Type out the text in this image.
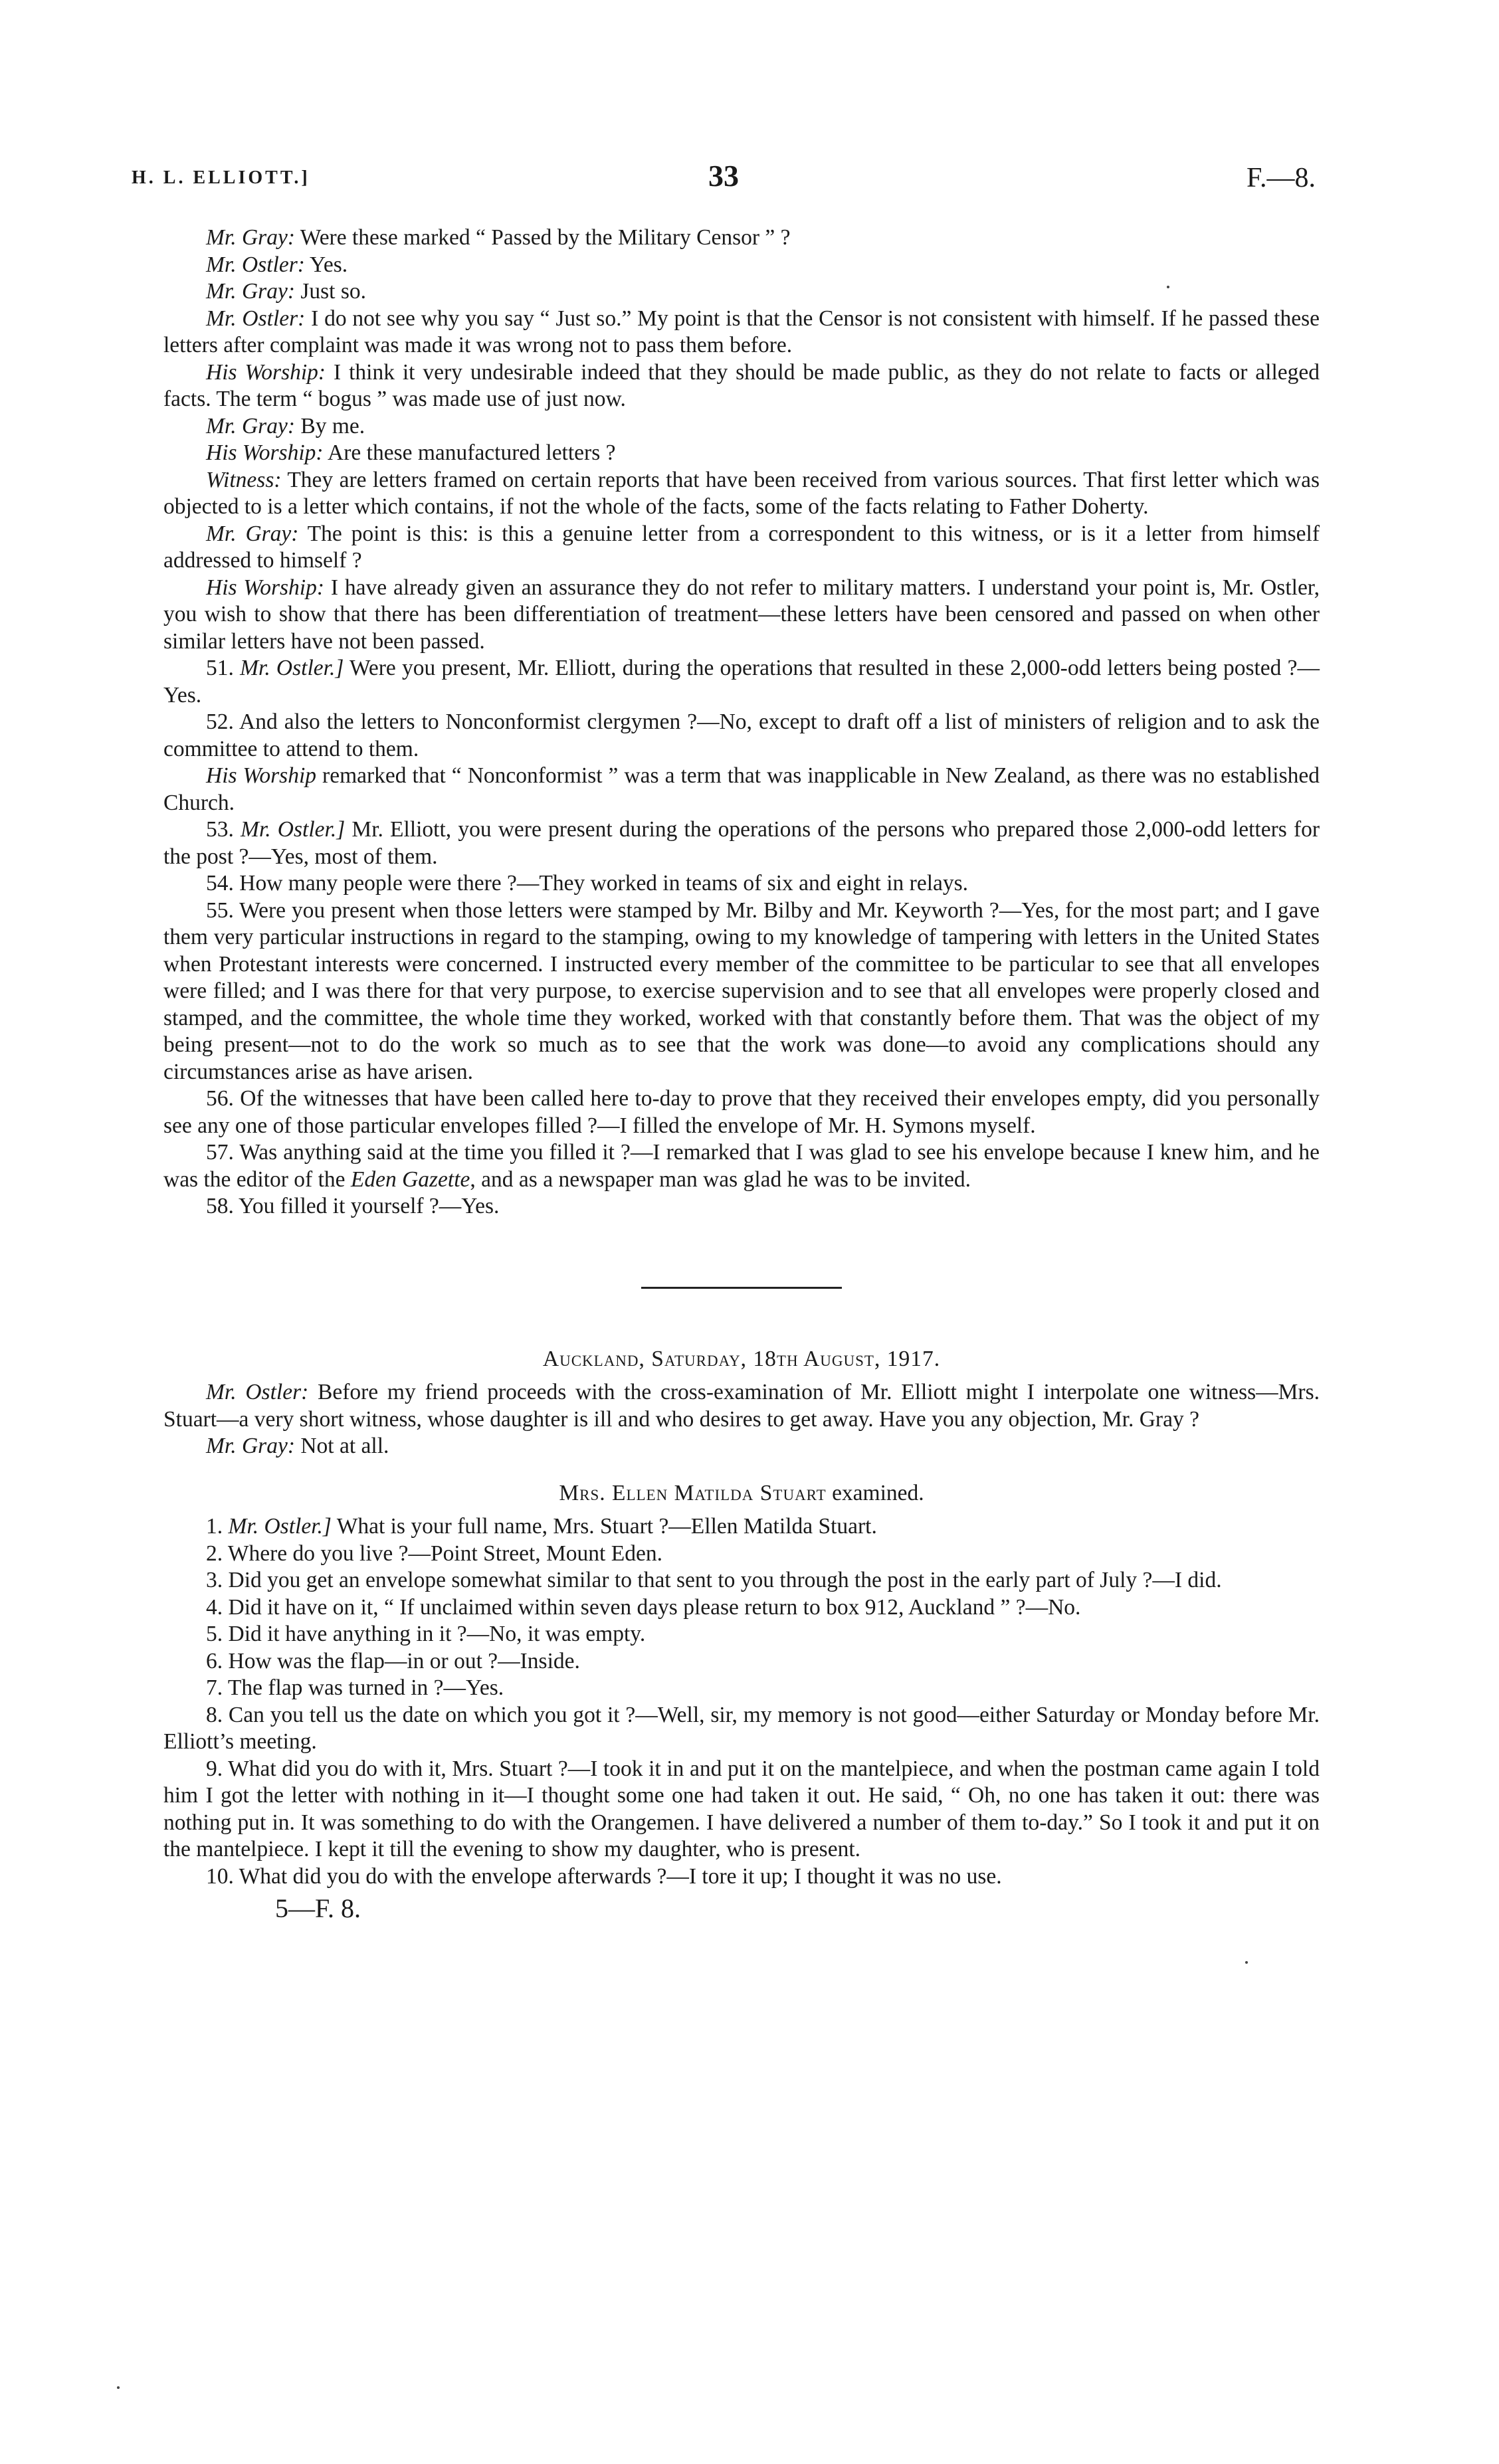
H. L. ELLIOTT.]	33	F.—8.

Mr. Gray: Were these marked “ Passed by the Military Censor ” ?

Mr. Ostler: Yes.

Mr. Gray: Just so.

Mr. Ostler: I do not see why you say “ Just so.” My point is that the Censor is not consistent with himself. If he passed these letters after complaint was made it was wrong not to pass them before.

His Worship: I think it very undesirable indeed that they should be made public, as they do not relate to facts or alleged facts. The term “ bogus ” was made use of just now.

Mr. Gray: By me.

His Worship: Are these manufactured letters ?

Witness: They are letters framed on certain reports that have been received from various sources. That first letter which was objected to is a letter which contains, if not the whole of the facts, some of the facts relating to Father Doherty.

Mr. Gray: The point is this: is this a genuine letter from a correspondent to this witness, or is it a letter from himself addressed to himself ?

His Worship: I have already given an assurance they do not refer to military matters. I understand your point is, Mr. Ostler, you wish to show that there has been differentiation of treatment—these letters have been censored and passed on when other similar letters have not been passed.

51. Mr. Ostler.] Were you present, Mr. Elliott, during the operations that resulted in these 2,000-odd letters being posted ?—Yes.

52. And also the letters to Nonconformist clergymen ?—No, except to draft off a list of ministers of religion and to ask the committee to attend to them.

His Worship remarked that “ Nonconformist ” was a term that was inapplicable in New Zealand, as there was no established Church.

53. Mr. Ostler.] Mr. Elliott, you were present during the operations of the persons who prepared those 2,000-odd letters for the post ?—Yes, most of them.

54. How many people were there ?—They worked in teams of six and eight in relays.

55. Were you present when those letters were stamped by Mr. Bilby and Mr. Keyworth ?—Yes, for the most part; and I gave them very particular instructions in regard to the stamping, owing to my knowledge of tampering with letters in the United States when Protestant interests were concerned. I instructed every member of the committee to be particular to see that all envelopes were filled; and I was there for that very purpose, to exercise supervision and to see that all envelopes were properly closed and stamped, and the committee, the whole time they worked, worked with that constantly before them. That was the object of my being present—not to do the work so much as to see that the work was done—to avoid any complications should any circumstances arise as have arisen.

56. Of the witnesses that have been called here to-day to prove that they received their envelopes empty, did you personally see any one of those particular envelopes filled ?—I filled the envelope of Mr. H. Symons myself.

57. Was anything said at the time you filled it ?—I remarked that I was glad to see his envelope because I knew him, and he was the editor of the Eden Gazette, and as a newspaper man was glad he was to be invited.

58. You filled it yourself ?—Yes.

Auckland, Saturday, 18th August, 1917.

Mr. Ostler: Before my friend proceeds with the cross-examination of Mr. Elliott might I interpolate one witness—Mrs. Stuart—a very short witness, whose daughter is ill and who desires to get away. Have you any objection, Mr. Gray ?

Mr. Gray: Not at all.

Mrs. Ellen Matilda Stuart examined.

1. Mr. Ostler.] What is your full name, Mrs. Stuart ?—Ellen Matilda Stuart.

2. Where do you live ?—Point Street, Mount Eden.

3. Did you get an envelope somewhat similar to that sent to you through the post in the early part of July ?—I did.

4. Did it have on it, “ If unclaimed within seven days please return to box 912, Auckland ” ?—No.

5. Did it have anything in it ?—No, it was empty.

6. How was the flap—in or out ?—Inside.

7. The flap was turned in ?—Yes.

8. Can you tell us the date on which you got it ?—Well, sir, my memory is not good—either Saturday or Monday before Mr. Elliott’s meeting.

9. What did you do with it, Mrs. Stuart ?—I took it in and put it on the mantelpiece, and when the postman came again I told him I got the letter with nothing in it—I thought some one had taken it out. He said, “ Oh, no one has taken it out: there was nothing put in. It was something to do with the Orangemen. I have delivered a number of them to-day.” So I took it and put it on the mantelpiece. I kept it till the evening to show my daughter, who is present.

10. What did you do with the envelope afterwards ?—I tore it up; I thought it was no use.

5—F. 8.
